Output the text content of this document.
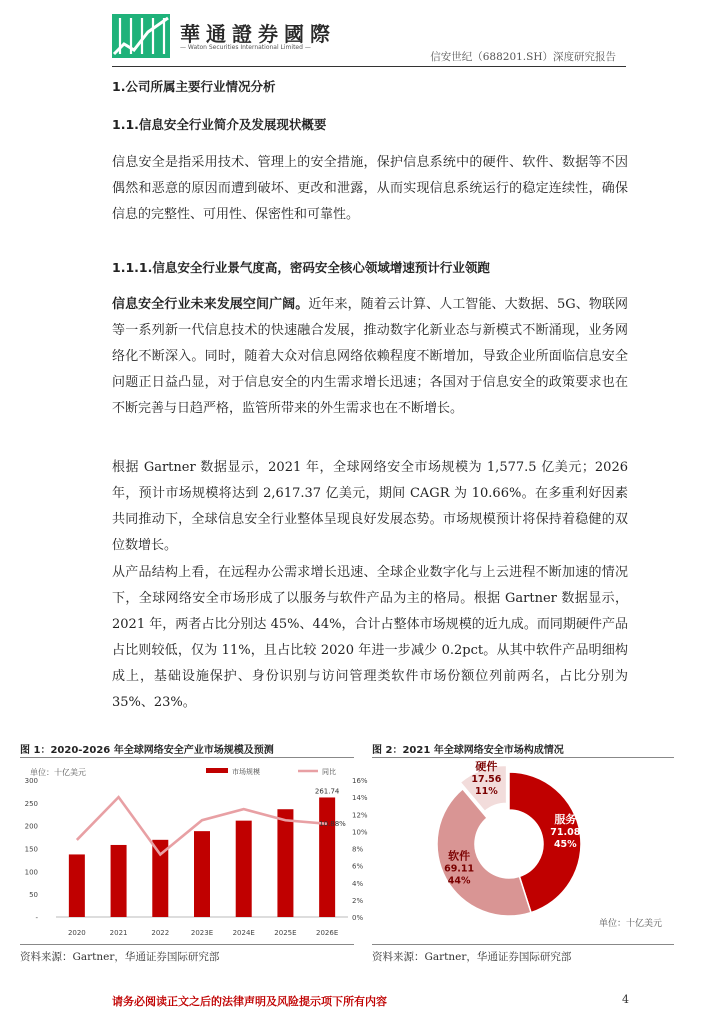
華通證券國際
— Waton Securities International Limited —
信安世纪（688201.SH）深度研究报告
1.公司所属主要行业情况分析
1.1.信息安全行业简介及发展现状概要

信息安全是指采用技术、管理上的安全措施，保护信息系统中的硬件、软件、数据等不因偶然和恶意的原因而遭到破坏、更改和泄露，从而实现信息系统运行的稳定连续性，确保信息的完整性、可用性、保密性和可靠性。

1.1.1.信息安全行业景气度高，密码安全核心领域增速预计行业领跑

信息安全行业未来发展空间广阔。近年来，随着云计算、人工智能、大数据、5G、物联网等一系列新一代信息技术的快速融合发展，推动数字化新业态与新模式不断涌现，业务网络化不断深入。同时，随着大众对信息网络依赖程度不断增加，导致企业所面临信息安全问题正日益凸显，对于信息安全的内生需求增长迅速；各国对于信息安全的政策要求也在不断完善与日趋严格，监管所带来的外生需求也在不断增长。

根据 Gartner 数据显示，2021 年，全球网络安全市场规模为 1,577.5 亿美元；2026 年，预计市场规模将达到 2,617.37 亿美元，期间 CAGR 为 10.66%。在多重利好因素共同推动下，全球信息安全行业整体呈现良好发展态势。市场规模预计将保持着稳健的双位数增长。

从产品结构上看，在远程办公需求增长迅速、全球企业数字化与上云进程不断加速的情况下，全球网络安全市场形成了以服务与软件产品为主的格局。根据 Gartner 数据显示，2021 年，两者占比分别达 45%、44%，合计占整体市场规模的近九成。而同期硬件产品占比则较低，仅为 11%，且占比较 2020 年进一步减少 0.2pct。从其中软件产品明细构成上，基础设施保护、身份识别与访问管理类软件市场份额位列前两名，占比分别为 35%、23%。

图 1：2020-2026 年全球网络安全产业市场规模及预测
单位：十亿美元	市场规模	同比
300
250
200
150
100
50
-
16%
14%
12%
10%
8%
6%
4%
2%
0%
2020	2021	2022	2023E	2024E	2025E	2026E
261.74
10.88%
资料来源：Gartner，华通证券国际研究部
图 2：2021 年全球网络安全市场构成情况
服务
71.08
45%
软件
69.11
44%
硬件
17.56
11%
单位：十亿美元
资料来源：Gartner，华通证券国际研究部
请务必阅读正文之后的法律声明及风险提示项下所有内容	4
